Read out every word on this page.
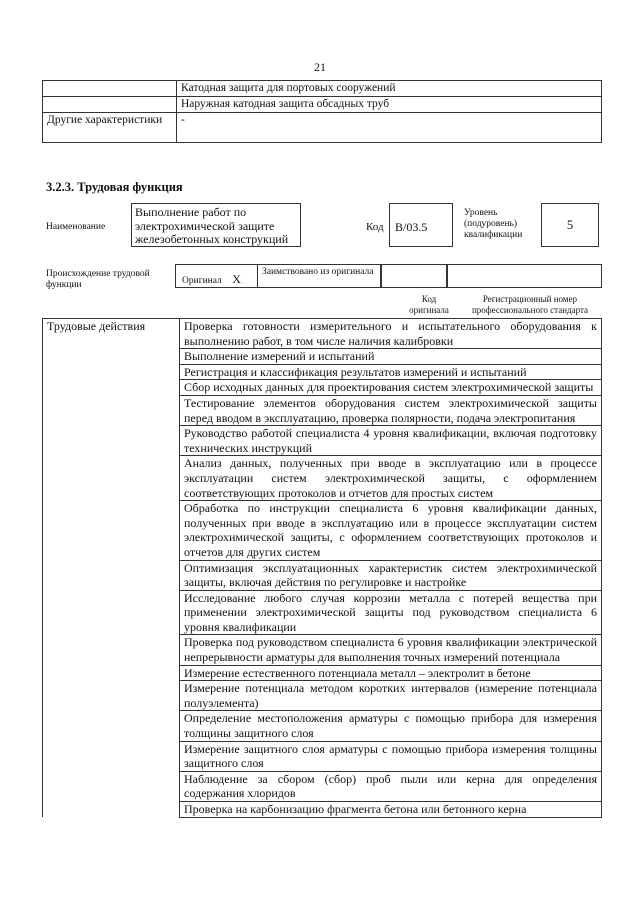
21
	Катодная защита для портовых сооружений
	Наружная катодная защита обсадных труб
Другие характеристики	-
3.2.3. Трудовая функция
Наименование
Выполнение работ по электрохимической защите железобетонных конструкций
Код B/03.5
Уровень (подуровень) квалификации
5
Происхождение трудовой функции	Оригинал X	Заимствовано из оригинала
Код оригинала
Регистрационный номер профессионального стандарта
Трудовые действия	Проверка готовности измерительного и испытательного оборудования к выполнению работ, в том числе наличия калибровки
Выполнение измерений и испытаний
Регистрация и классификация результатов измерений и испытаний
Сбор исходных данных для проектирования систем электрохимической защиты
Тестирование элементов оборудования систем электрохимической защиты перед вводом в эксплуатацию, проверка полярности, подача электропитания
Руководство работой специалиста 4 уровня квалификации, включая подготовку технических инструкций
Анализ данных, полученных при вводе в эксплуатацию или в процессе эксплуатации систем электрохимической защиты, с оформлением соответствующих протоколов и отчетов для простых систем
Обработка по инструкции специалиста 6 уровня квалификации данных, полученных при вводе в эксплуатацию или в процессе эксплуатации систем электрохимической защиты, с оформлением соответствующих протоколов и отчетов для других систем
Оптимизация эксплуатационных характеристик систем электрохимической защиты, включая действия по регулировке и настройке
Исследование любого случая коррозии металла с потерей вещества при применении электрохимической защиты под руководством специалиста 6 уровня квалификации
Проверка под руководством специалиста 6 уровня квалификации электрической непрерывности арматуры для выполнения точных измерений потенциала
Измерение естественного потенциала металл – электролит в бетоне
Измерение потенциала методом коротких интервалов (измерение потенциала полуэлемента)
Определение местоположения арматуры с помощью прибора для измерения толщины защитного слоя
Измерение защитного слоя арматуры с помощью прибора измерения толщины защитного слоя
Наблюдение за сбором (сбор) проб пыли или керна для определения содержания хлоридов
Проверка на карбонизацию фрагмента бетона или бетонного керна
